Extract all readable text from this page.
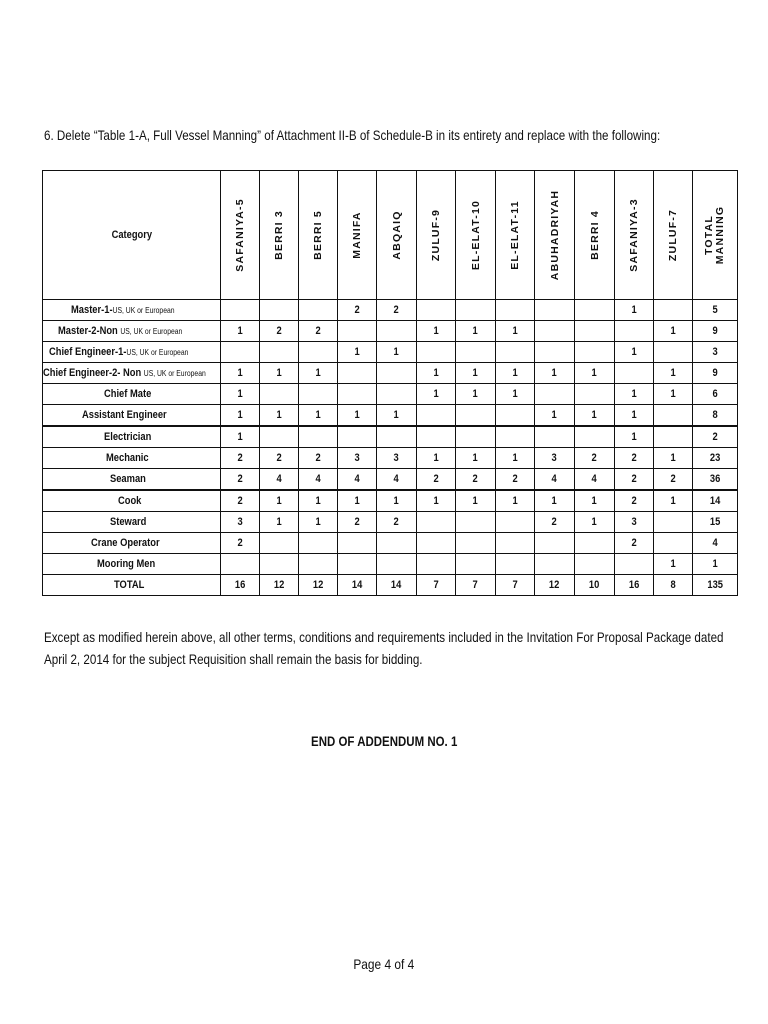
6. Delete “Table 1-A, Full Vessel Manning” of Attachment II-B of Schedule-B in its entirety and replace with the following:
Category	SAFANIYA-5	BERRI 3	BERRI 5	MANIFA	ABQAIQ	ZULUF-9	EL-ELAT-10	EL-ELAT-11	ABUHADRIYAH	BERRI 4	SAFANIYA-3	ZULUF-7	TOTAL
MANNING

Master-1-US, UK or European				2	2						1		5
Master-2-Non US, UK or European	1	2	2			1	1	1				1	9
Chief Engineer-1-US, UK or European				1	1						1		3
Chief Engineer-2- Non US, UK or European	1	1	1			1	1	1	1	1		1	9
Chief Mate	1					1	1	1			1	1	6
Assistant Engineer	1	1	1	1	1				1	1	1		8
Electrician	1										1		2
Mechanic	2	2	2	3	3	1	1	1	3	2	2	1	23
Seaman	2	4	4	4	4	2	2	2	4	4	2	2	36
Cook	2	1	1	1	1	1	1	1	1	1	2	1	14
Steward	3	1	1	2	2				2	1	3		15
Crane Operator	2										2		4
Mooring Men												1	1
TOTAL	16	12	12	14	14	7	7	7	12	10	16	8	135
Except as modified herein above, all other terms, conditions and requirements included in the Invitation For Proposal Package dated April 2, 2014 for the subject Requisition shall remain the basis for bidding.
END OF ADDENDUM NO. 1
Page 4 of 4
